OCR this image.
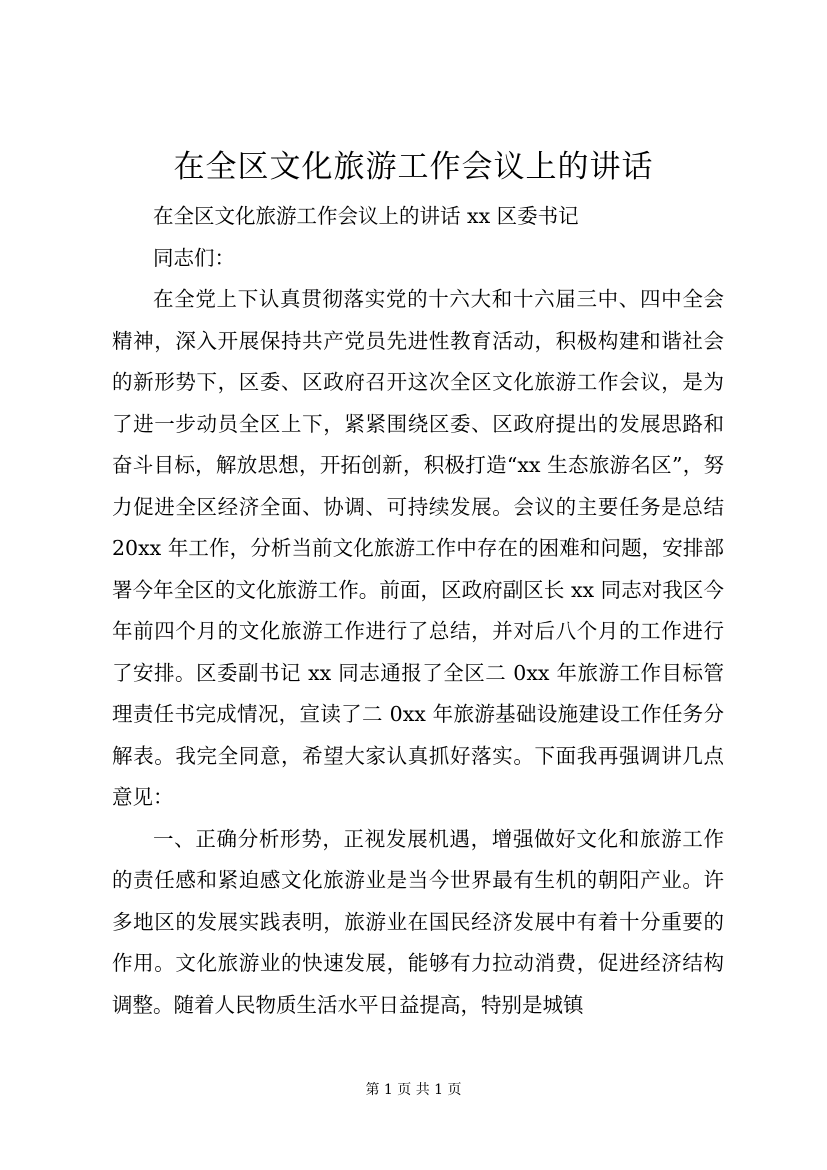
在全区文化旅游工作会议上的讲话

在全区文化旅游工作会议上的讲话 xx 区委书记

同志们：

在全党上下认真贯彻落实党的十六大和十六届三中、四中全会精神，深入开展保持共产党员先进性教育活动，积极构建和谐社会的新形势下，区委、区政府召开这次全区文化旅游工作会议，是为了进一步动员全区上下，紧紧围绕区委、区政府提出的发展思路和奋斗目标，解放思想，开拓创新，积极打造“xx 生态旅游名区”，努力促进全区经济全面、协调、可持续发展。会议的主要任务是总结 20xx 年工作，分析当前文化旅游工作中存在的困难和问题，安排部署今年全区的文化旅游工作。前面，区政府副区长 xx 同志对我区今年前四个月的文化旅游工作进行了总结，并对后八个月的工作进行了安排。区委副书记 xx 同志通报了全区二 0xx 年旅游工作目标管理责任书完成情况，宣读了二 0xx 年旅游基础设施建设工作任务分解表。我完全同意，希望大家认真抓好落实。下面我再强调讲几点意见：

一、正确分析形势，正视发展机遇，增强做好文化和旅游工作的责任感和紧迫感文化旅游业是当今世界最有生机的朝阳产业。许多地区的发展实践表明，旅游业在国民经济发展中有着十分重要的作用。文化旅游业的快速发展，能够有力拉动消费，促进经济结构调整。随着人民物质生活水平日益提高，特别是城镇

第 1 页 共 1 页
